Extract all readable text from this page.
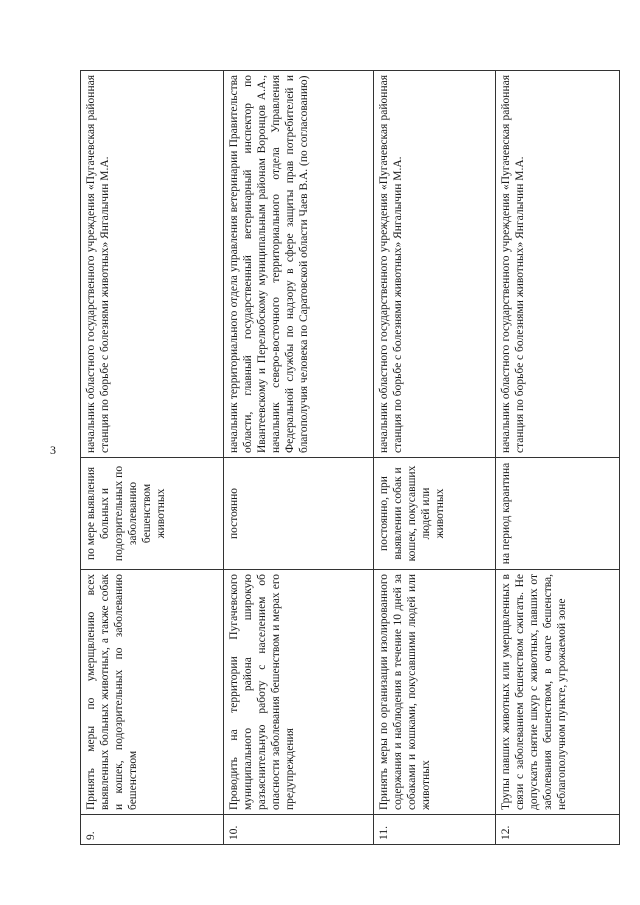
3
9.
Принять меры по умерщвлению всех выявленных больных животных, а также собак и кошек, подозрительных по заболеванию бешенством
по мере выявления больных и подозрительных по заболеванию бешенством животных
начальник областного государственного учреждения «Пугачевская районная станция по борьбе с болезнями животных» Янгалычин М.А.
10.
Проводить на территории Пугачевского муниципального района широкую разъяснительную работу с населением об опасности заболевания бешенством и мерах его предупреждения
постоянно
начальник территориального отдела управления ветеринарии Правительства области, главный государственный ветеринарный инспектор по Ивантеевскому и Перелюбскому муниципальным районам Воронцов А.А., начальник северо-восточного территориального отдела Управления Федеральной службы по надзору в сфере защиты прав потребителей и благополучия человека по Саратовской области Чаев В.А. (по согласованию)
11.
Принять меры по организации изолированного содержания и наблюдения в течение 10 дней за собаками и кошками, покусавшими людей или животных
постоянно, при выявлении собак и кошек, покусавших людей или животных
начальник областного государственного учреждения «Пугачевская районная станция по борьбе с болезнями животных» Янгалычин М.А.
12.
Трупы павших животных или умерщвленных в связи с заболеванием бешенством сжигать. Не допускать снятие шкур с животных, павших от заболевания бешенством, в очаге бешенства, неблагополучном пункте, угрожаемой зоне
на период карантина
начальник областного государственного учреждения «Пугачевская районная станция по борьбе с болезнями животных» Янгалычин М.А.
